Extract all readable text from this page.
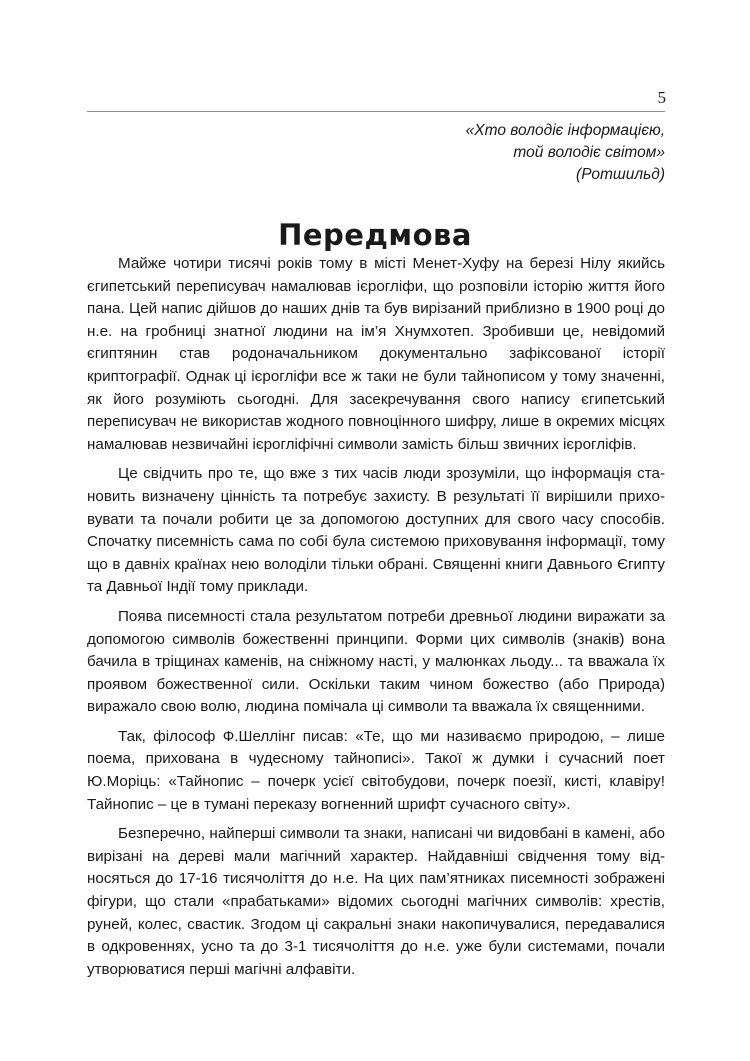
5
«Хто володіє інформацією,
той володіє світом»
(Ротшильд)
Передмова

Майже чотири тисячі років тому в місті Менет-Хуфу на березі Нілу якийсь єгипетський переписувач намалював ієрогліфи, що розповіли історію життя його пана. Цей напис дійшов до наших днів та був вирізаний приблизно в 1900 році до н.е. на гробниці знатної людини на ім’я Хнумхотеп. Зробивши це, невідомий єгиптянин став родоначальником документально зафіксованої історії криптографії. Однак ці ієрогліфи все ж таки не були тайнописом у тому значенні, як його розуміють сьогодні. Для засекречування свого напису єгипетський переписувач не використав жодного повноцінного шифру, лише в окремих місцях намалював незвичайні ієрогліфічні символи замість більш звичних ієрогліфів.

Це свідчить про те, що вже з тих часів люди зрозуміли, що інформація становить визначену цінність та потребує захисту. В результаті її вирішили приховувати та почали робити це за допомогою доступних для свого часу способів. Спочатку писемність сама по собі була системою приховування інформації, тому що в давніх країнах нею володіли тільки обрані. Священні книги Давнього Єгипту та Давньої Індії тому приклади.

Поява писемності стала результатом потреби древньої людини виражати за допомогою символів божественні принципи. Форми цих символів (знаків) вона бачила в тріщинах каменів, на сніжному насті, у малюнках льоду... та вважала їх проявом божественної сили. Оскільки таким чином божество (або Природа) виражало свою волю, людина помічала ці символи та вважала їх священними.

Так, філософ Ф.Шеллінг писав: «Те, що ми називаємо природою, – лише поема, прихована в чудесному тайнописі». Такої ж думки і сучасний поет Ю.Моріць: «Тайнопис – почерк усієї світобудови, почерк поезії, кисті, клавіру! Тайнопис – це в тумані переказу вогненний шрифт сучасного світу».

Безперечно, найперші символи та знаки, написані чи видовбані в камені, або вирізані на дереві мали магічний характер. Найдавніші свідчення тому відносяться до 17-16 тисячоліття до н.е. На цих пам’ятниках писемності зображені фігури, що стали «прабатьками» відомих сьогодні магічних символів: хрестів, руней, колес, свастик. Згодом ці сакральні знаки накопичувалися, передавалися в одкровеннях, усно та до 3-1 тисячоліття до н.е. уже були системами, почали утворюватися перші магічні алфавіти.
